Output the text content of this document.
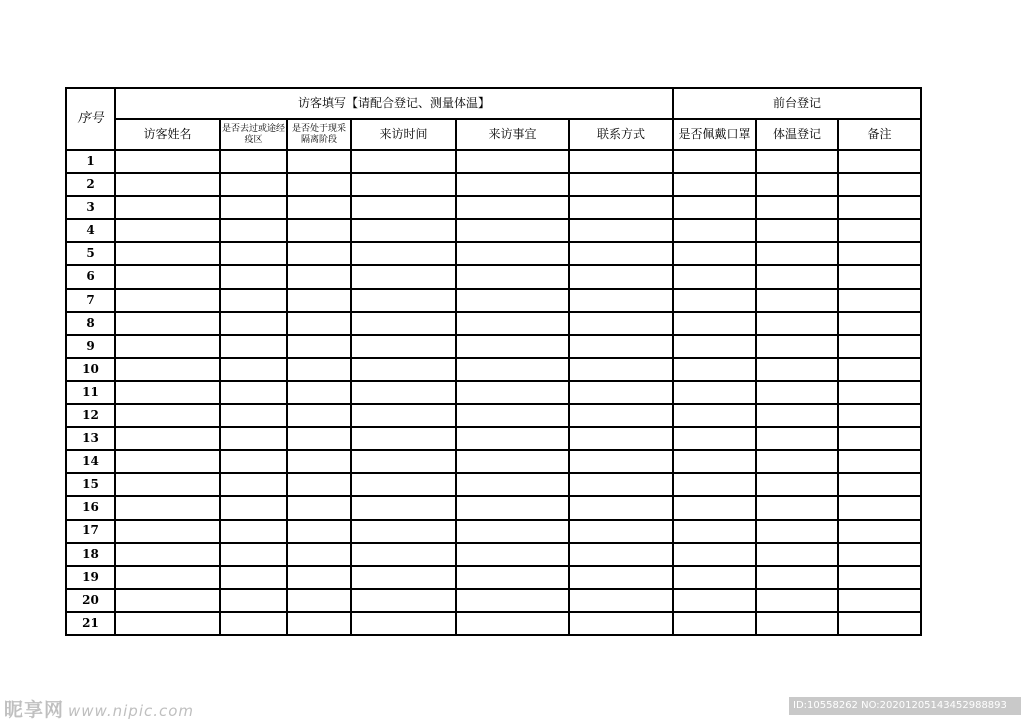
序号	访客填写【请配合登记、测量体温】						前台登记		
	访客姓名	是否去过或途经疫区	是否处于现采隔离阶段	来访时间	来访事宜	联系方式	是否佩戴口罩	体温登记	备注
1									
2									
3									
4									
5									
6									
7									
8									
9									
10									
11									
12									
13									
14									
15									
16									
17									
18									
19									
20									
21									
昵享网 www.nipic.com	ID:10558262 NO:20201205143452988893
